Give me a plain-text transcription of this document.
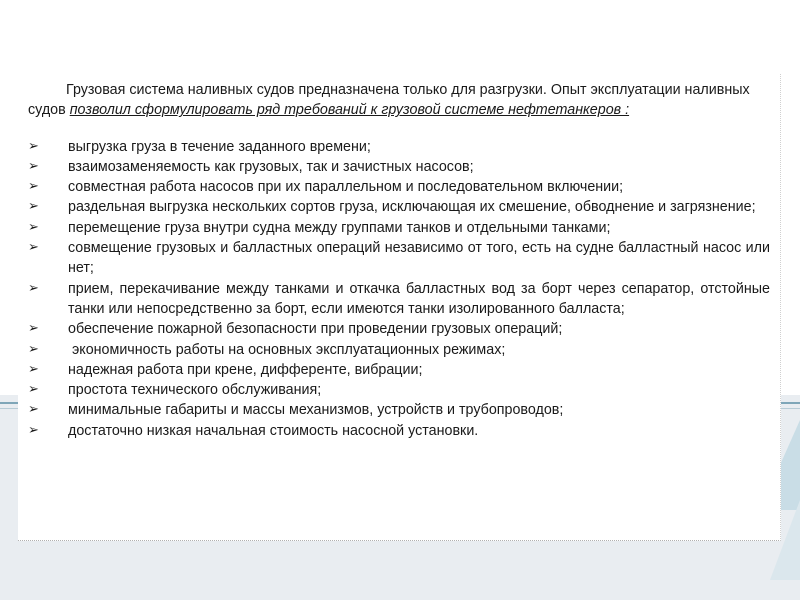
Грузовая система наливных судов предназначена только для разгрузки. Опыт эксплуатации наливных судов позволил сформулировать ряд требований к грузовой системе нефтетанкеров :

➢	выгрузка груза в течение заданного времени;
➢	взаимозаменяемость как грузовых, так и зачистных насосов;
➢	совместная работа насосов при их параллельном и последовательном включении;
➢	раздельная выгрузка нескольких сортов груза, исключающая их смешение, обводнение и загрязнение;
➢	перемещение груза внутри судна между группами танков и отдельными танками;
➢	совмещение грузовых и балластных операций независимо от того, есть на судне балластный насос или нет;
➢	прием, перекачивание между танками и откачка балластных вод за борт через сепаратор, отстойные танки или непосредственно за борт, если имеются танки изолированного балласта;
➢	обеспечение пожарной безопасности при проведении грузовых операций;
➢	экономичность работы на основных эксплуатационных режимах;
➢	надежная работа при крене, дифференте, вибрации;
➢	простота технического обслуживания;
➢	минимальные габариты и массы механизмов, устройств и трубопроводов;
➢	достаточно низкая начальная стоимость насосной установки.
